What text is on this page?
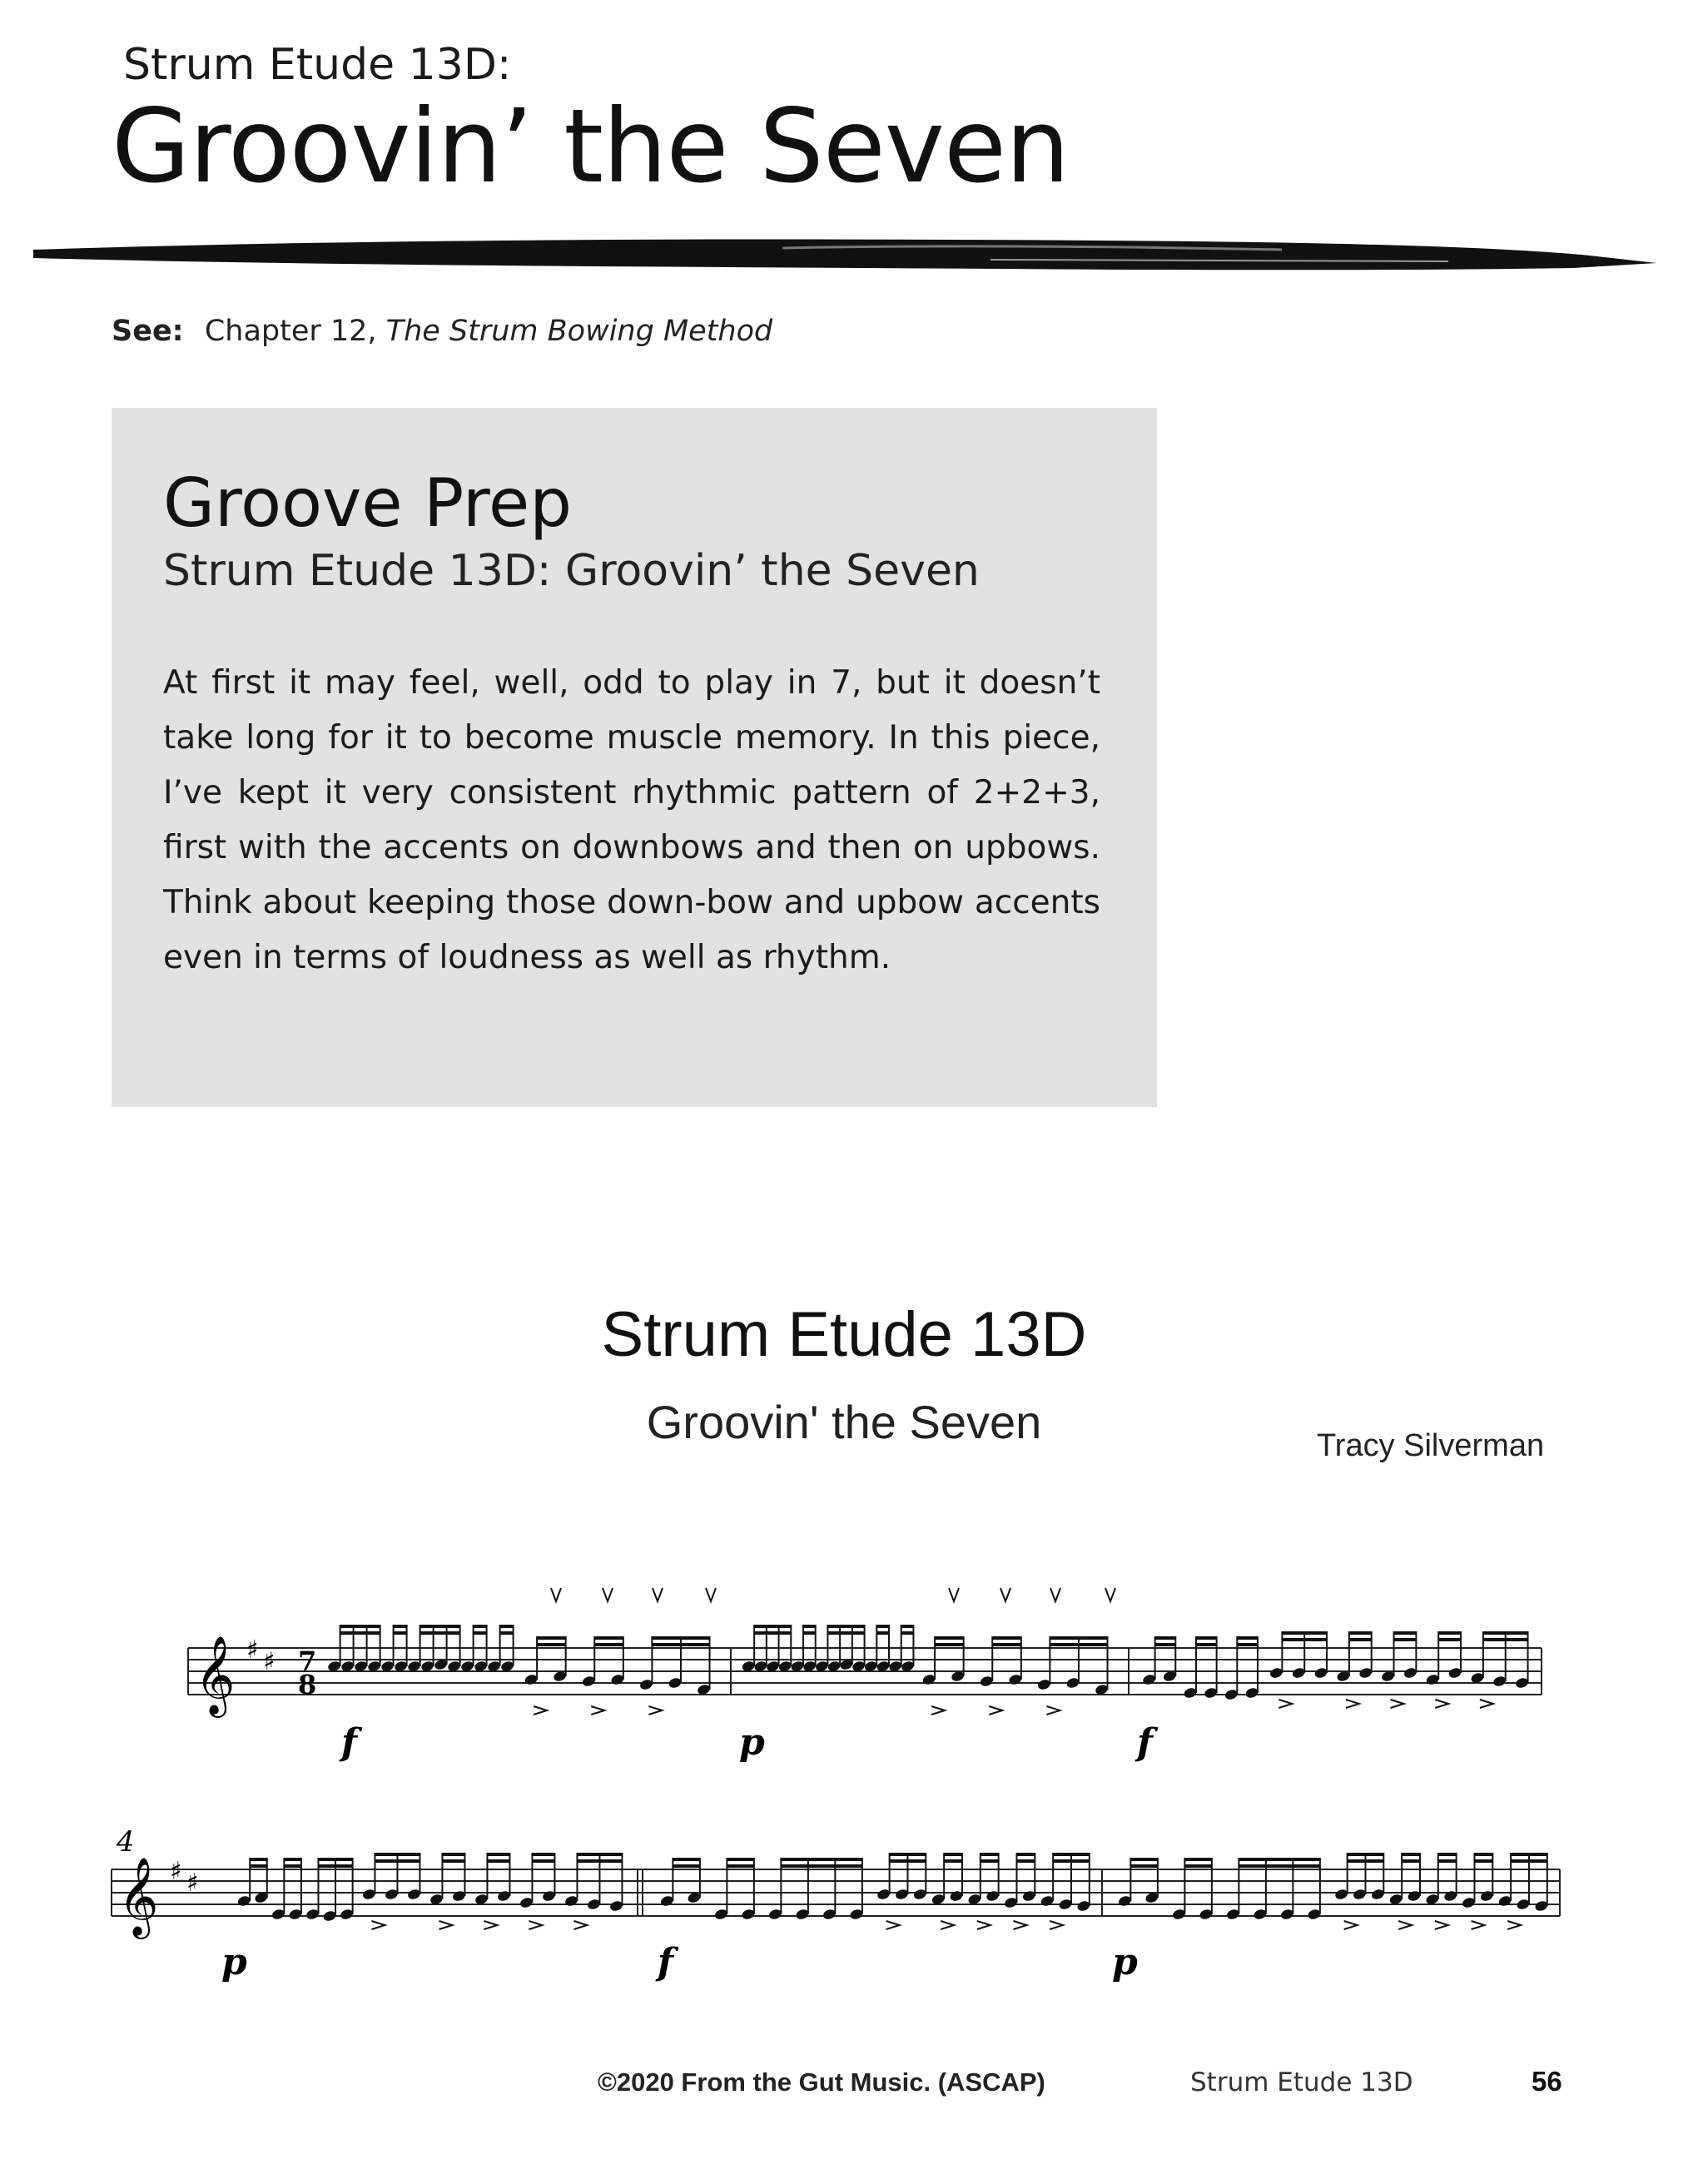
Strum Etude 13D:
Groovin’ the Seven
See: Chapter 12, The Strum Bowing Method
Groove Prep
Strum Etude 13D: Groovin’ the Seven
At first it may feel, well, odd to play in 7, but it doesn’t take long for it to become muscle memory. In this piece, I’ve kept it very consistent rhythmic pattern of 2+2+3, first with the accents on downbows and then on upbows. Think about keeping those down-bow and upbow accents even in terms of loudness as well as rhythm.
Strum Etude 13D
Groovin' the Seven	Tracy Silverman
𝄞 ♯ ♯ 7
8
f	p	f
4
𝄞 ♯ ♯
p	f	p
©2020 From the Gut Music. (ASCAP)	Strum Etude 13D	56
